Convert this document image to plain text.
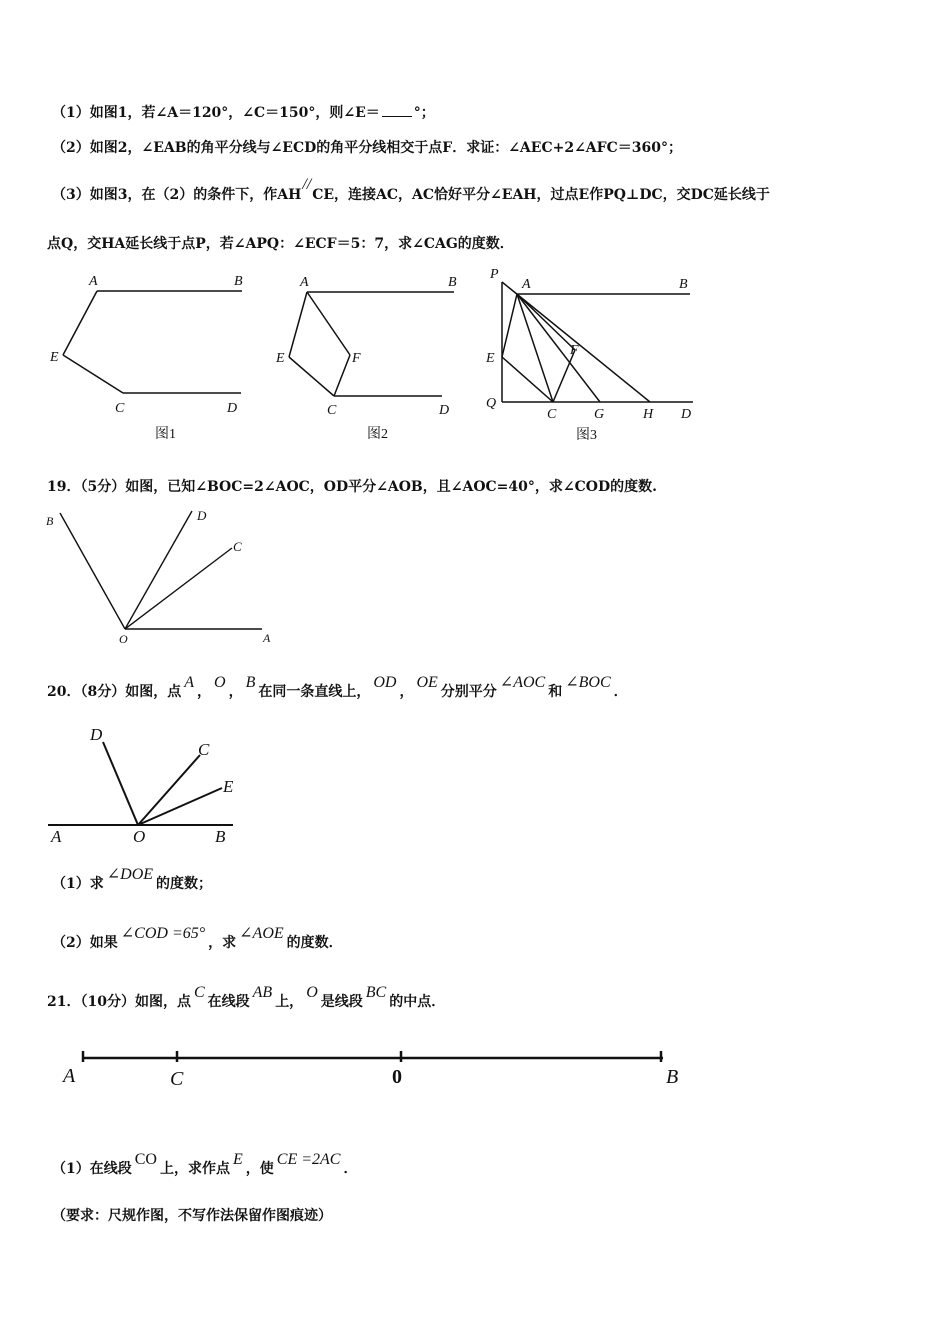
（1）如图1，若∠A＝120°，∠C＝150°，则∠E＝ °；
（2）如图2，∠EAB的角平分线与∠ECD的角平分线相交于点F．求证：∠AEC+2∠AFC＝360°；
（3）如图3，在（2）的条件下，作AH//CE，连接AC，AC恰好平分∠EAH，过点E作PQ⊥DC，交DC延长线于
点Q，交HA延长线于点P，若∠APQ：∠ECF＝5：7，求∠CAG的度数．
A	B
E
C	D
图1
A	B
E	F
C	D
图2
P
A	B
E
F
Q
C	G	H D
图3
19．（5分）如图，已知∠BOC=2∠AOC，OD平分∠AOB，且∠AOC=40°，求∠COD的度数.
B	D
C
O	A
20．（8分）如图，点A，O，B在同一条直线上，OD，OE分别平分∠AOC和∠BOC．
D
C
E
A	O	B
（1）求∠DOE的度数；
（2）如果∠COD =65°，求∠AOE的度数．
21．（10分）如图，点C在线段AB上，O是线段BC的中点．
A	C	0	B
（1）在线段CO上，求作点E，使CE =2AC．
（要求：尺规作图，不写作法保留作图痕迹）
